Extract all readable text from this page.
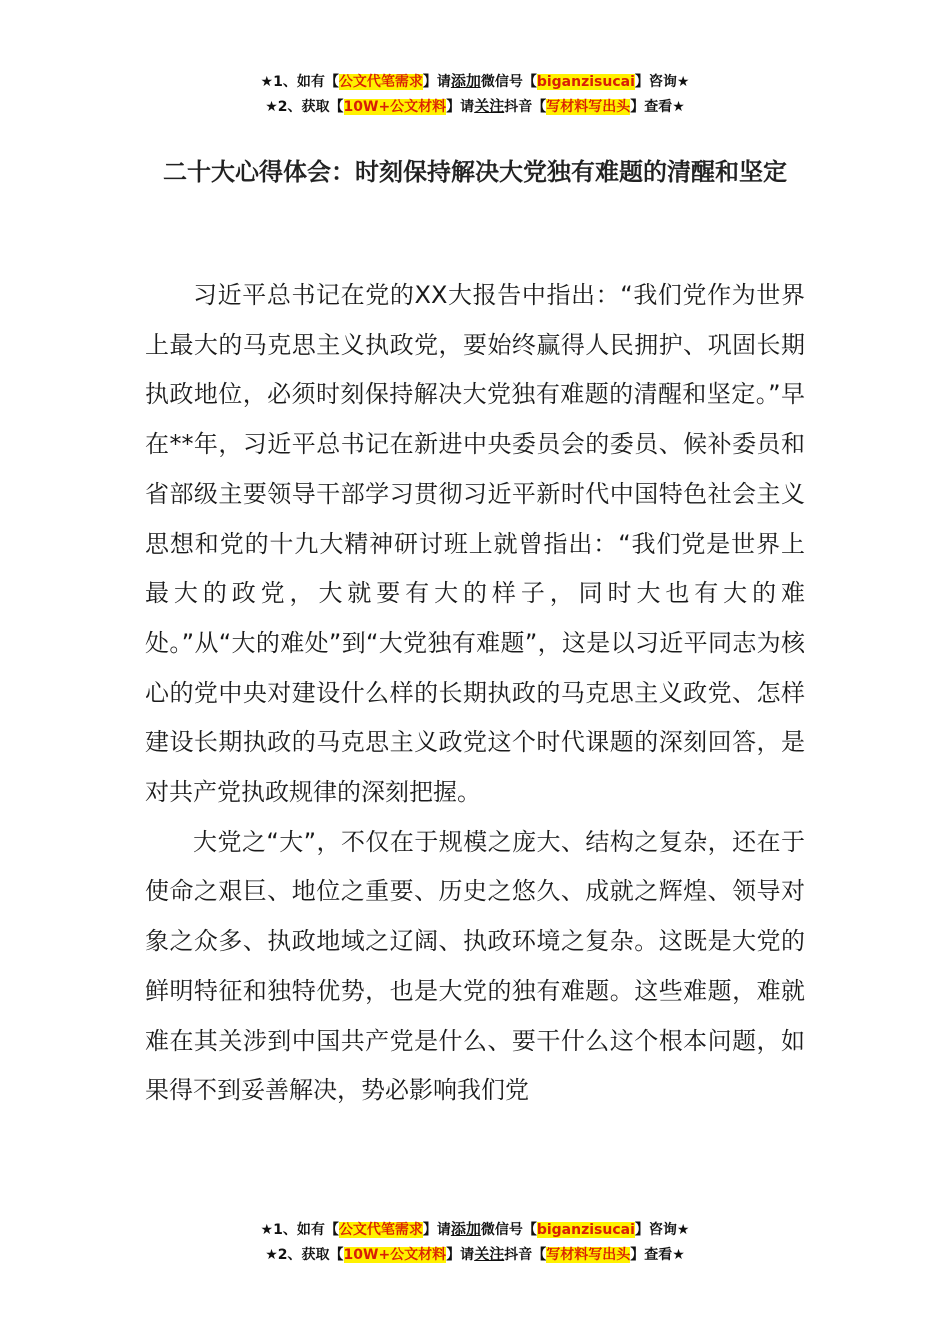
★1、如有【公文代笔需求】请添加微信号【biganzisucai】咨询★
★2、获取【10W+公文材料】请关注抖音【写材料写出头】查看★
二十大心得体会：时刻保持解决大党独有难题的清醒和坚定

习近平总书记在党的XX大报告中指出：“我们党作为世界上最大的马克思主义执政党，要始终赢得人民拥护、巩固长期执政地位，必须时刻保持解决大党独有难题的清醒和坚定。”早在**年，习近平总书记在新进中央委员会的委员、候补委员和省部级主要领导干部学习贯彻习近平新时代中国特色社会主义思想和党的十九大精神研讨班上就曾指出：“我们党是世界上最大的政党，大就要有大的样子，同时大也有大的难处。”从“大的难处”到“大党独有难题”，这是以习近平同志为核心的党中央对建设什么样的长期执政的马克思主义政党、怎样建设长期执政的马克思主义政党这个时代课题的深刻回答，是对共产党执政规律的深刻把握。

大党之“大”，不仅在于规模之庞大、结构之复杂，还在于使命之艰巨、地位之重要、历史之悠久、成就之辉煌、领导对象之众多、执政地域之辽阔、执政环境之复杂。这既是大党的鲜明特征和独特优势，也是大党的独有难题。这些难题，难就难在其关涉到中国共产党是什么、要干什么这个根本问题，如果得不到妥善解决，势必影响我们党

★1、如有【公文代笔需求】请添加微信号【biganzisucai】咨询★
★2、获取【10W+公文材料】请关注抖音【写材料写出头】查看★
